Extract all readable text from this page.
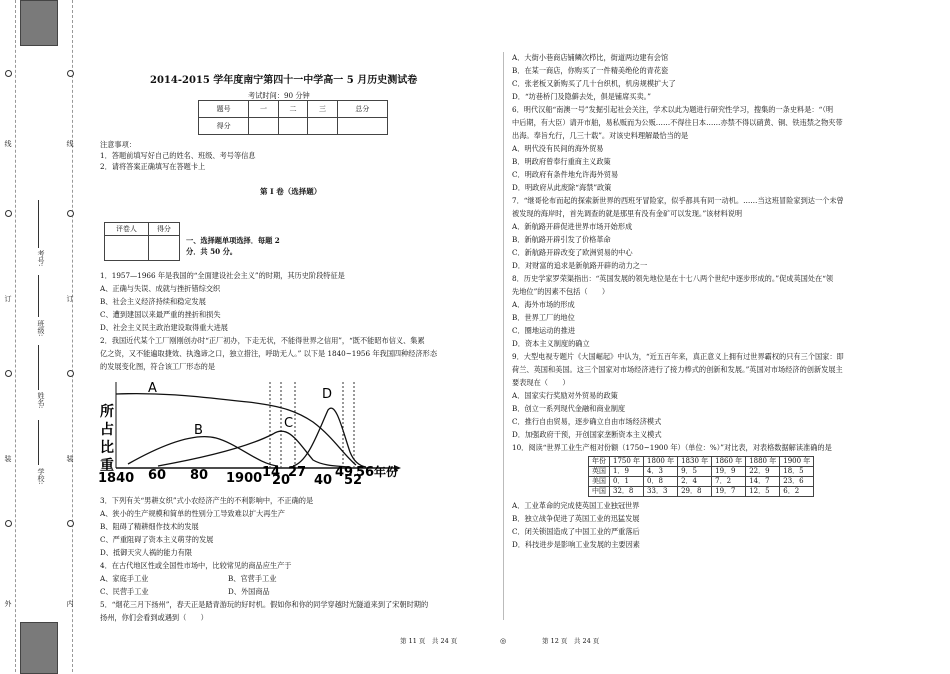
外
装
订
线
内
装
订
线
学校:
姓名:
班级:
考号:
2014-2015 学年度南宁第四十一中学高一 5 月历史测试卷
考试时间：90 分钟
题号	一	二	三	总分
得分				
注意事项：
1．答题前填写好自己的姓名、班级、考号等信息
2．请将答案正确填写在答题卡上
第 I 卷（选择题）
评卷人	得分

一、选择题单项选择．每题 2
分．共 50 分。
1．1957—1966 年是我国的“全面建设社会主义”的时期，其历史阶段特征是
A、正确与失误、成就与挫折错综交织
B、社会主义经济持续和稳定发展
C、遭到建国以来最严重的挫折和损失
D、社会主义民主政治建设取得重大进展
2．我国近代某个工厂刚刚创办时“正厂初办，下走无状，不能得世界之信用”，“既不能昭布信义、集累
亿之资，又不能遍取捷效、执逸谛之口，独立措注，呼助无人。” 以下是 1840~1956 年我国四种经济形态
的发展变化图，符合该工厂形态的是
A
B	C
D
所
占
比
重
1840 60 80 1900 14 27 49 56 年份
20 40 52
3．下列有关“男耕女织”式小农经济产生的不利影响中，不正确的是
A、狭小的生产规模和简单的性别分工导致难以扩大再生产
B、阻碍了精耕细作技术的发展
C、严重阻碍了资本主义萌芽的发展
D、抵御天灾人祸的能力有限
4．在古代地区性或全国性市场中，比较常见的商品应生产于
A、家庭手工业	B、官营手工业
C、民营手工业	D、外国商品
5．“烟花三月下扬州”，春天正是踏青游玩的好时机。假如你和你的同学穿越时光隧道来到了宋朝时期的
扬州，你们会看到或遇到（　　）
A．大街小巷商店铺鳞次栉比，街道两边建有会馆
B．在某一商店，你购买了一件精美绝伦的青花瓷
C．张老板又新购买了几十台织机，机房规模扩大了
D．“坊巷桥门及隐僻去处，俱是铺席买卖。”
6．明代汉船“南澳一号”发掘引起社会关注，学术以此为题进行研究性学习，搜集的一条史料是：“（明
中后期，有大臣）请开市舶，易私贩而为公贩……不得往日本……亦禁不得以硝黄、铜、铁违禁之物夹带
出海。奉旨允行，几三十载”。对该史料理解最恰当的是
A．明代没有民间的海外贸易
B．明政府曾奉行重商主义政策
C．明政府有条件地允许海外贸易
D．明政府从此废除“海禁”政策
7．“继哥伦布而起的探索新世界的西班牙冒险家，似乎都具有同一动机。……当这班冒险家到达一个未曾
被发现的海岸时，首先调查的就是那里有没有金矿可以发现。”该材料说明
A．新航路开辟促进世界市场开始形成
B．新航路开辟引发了价格革命
C．新航路开辟改变了欧洲贸易的中心
D．对财富的追求是新航路开辟的动力之一
8．历史学家罗荣渠指出：“英国发展的领先地位是在十七八两个世纪中逐步形成的。”促成英国处在“领
先地位”的因素不包括（　　）
A．海外市场的形成
B．世界工厂的地位
C．圈地运动的推进
D．资本主义制度的确立
9．大型电视专题片《大国崛起》中认为，“近五百年来，真正意义上拥有过世界霸权的只有三个国家：即
荷兰、英国和美国。这三个国家对市场经济进行了接力棒式的创新和发展。”英国对市场经济的创新发展主
要表现在（　　）
A．国家实行奖励对外贸易的政策
B．创立一系列现代金融和商业制度
C．推行自由贸易，逐步确立自由市场经济模式
D．加强政府干预，开创国家垄断资本主义模式
10．阅读“世界工业生产相对份额（1750~1900 年）（单位：%）”对比表，对表格数据解读准确的是
年份	1750 年	1800 年	1830 年	1860 年	1880 年	1900 年
英国	1．9	4．3	9．5	19．9	22．9	18．5
美国	0．1	0．8	2．4	7．2	14．7	23．6
中国	32．8	33．3	29．8	19．7	12．5	6．2
A．工业革命的完成使英国工业独冠世界
B．独立战争促进了英国工业的迅猛发展
C．闭关锁国造成了中国工业的严重落后
D．科技进步是影响工业发展的主要因素
第 11 页　共 24 页	◎	第 12 页　共 24 页
